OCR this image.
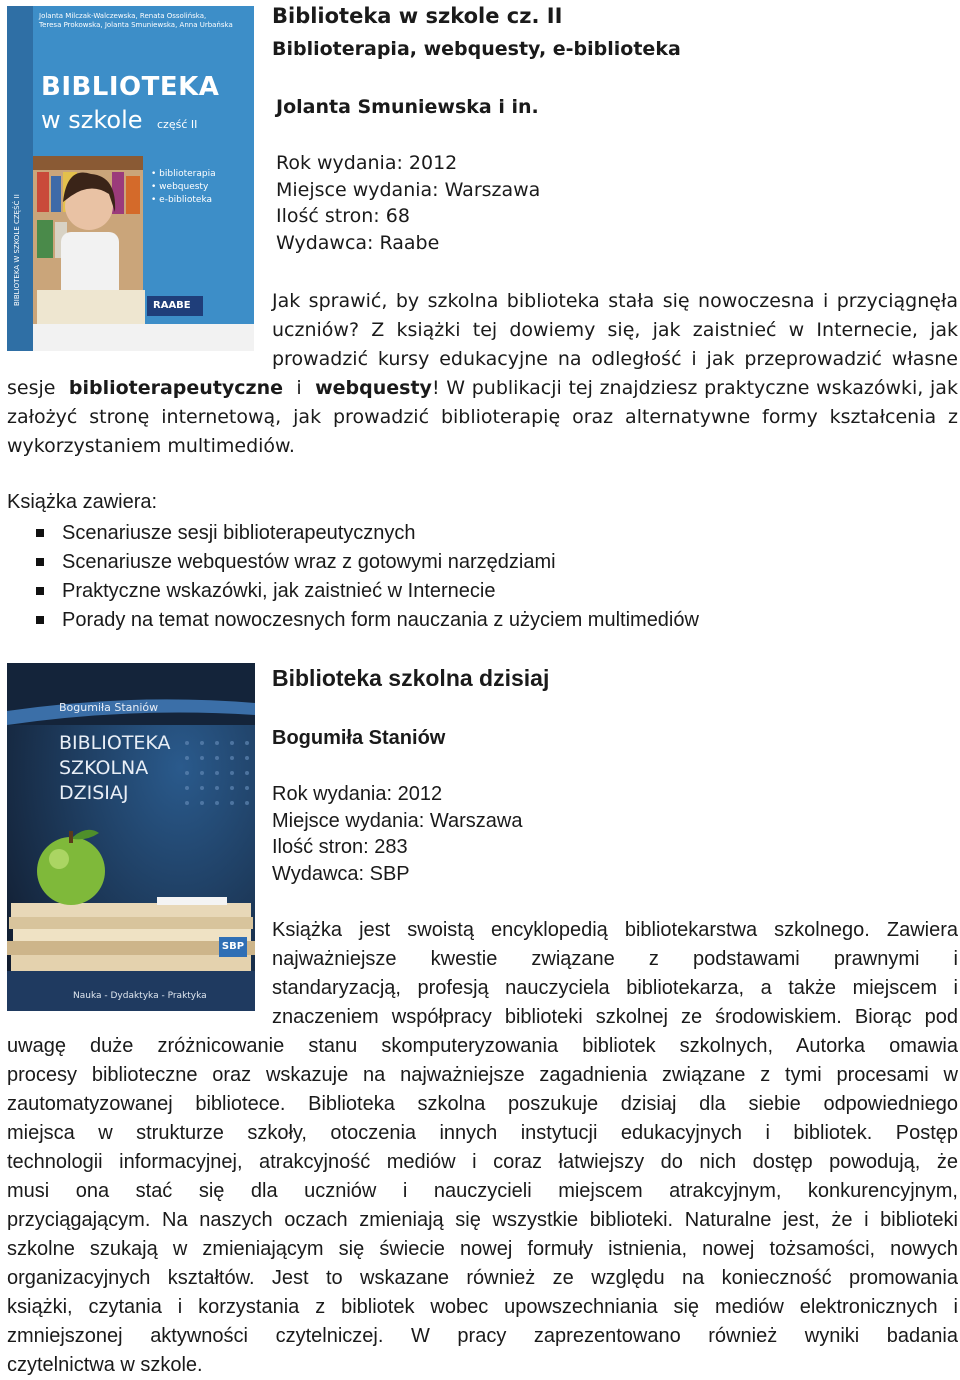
Jolanta Milczak-Walczewska, Renata Ossolińska,
Teresa Prokowska, Jolanta Smuniewska, Anna Urbańska
BIBLIOTEKA W SZKOLE CZĘŚĆ II
BIBLIOTEKA
w szkole część II
• biblioterapia
• webquesty
• e-biblioteka
RAABE
Biblioteka w szkole cz. II
Biblioterapia, webquesty, e-biblioteka
Jolanta Smuniewska i in.
Rok wydania: 2012
Miejsce wydania: Warszawa
Ilość stron: 68
Wydawca: Raabe
Jak sprawić, by szkolna biblioteka stała się nowoczesna i przyciągnęła
uczniów? Z książki tej dowiemy się, jak zaistnieć w Internecie, jak
prowadzić kursy edukacyjne na odległość i jak przeprowadzić własne
sesje biblioterapeutyczne i webquesty! W publikacji tej znajdziesz praktyczne wskazówki, jak
założyć stronę internetową, jak prowadzić biblioterapię oraz alternatywne formy kształcenia z
wykorzystaniem multimediów.
Książka zawiera:
Scenariusze sesji biblioterapeutycznych
Scenariusze webquestów wraz z gotowymi narzędziami
Praktyczne wskazówki, jak zaistnieć w Internecie
Porady na temat nowoczesnych form nauczania z użyciem multimediów
Bogumiła Staniów
BIBLIOTEKA
SZKOLNA
DZISIAJ
SBP
Nauka - Dydaktyka - Praktyka
Biblioteka szkolna dzisiaj
Bogumiła Staniów
Rok wydania: 2012
Miejsce wydania: Warszawa
Ilość stron: 283
Wydawca: SBP
Książka jest swoistą encyklopedią bibliotekarstwa szkolnego. Zawiera
najważniejsze kwestie związane z podstawami prawnymi i
standaryzacją, profesją nauczyciela bibliotekarza, a także miejscem i
znaczeniem współpracy biblioteki szkolnej ze środowiskiem. Biorąc pod
uwagę duże zróżnicowanie stanu skomputeryzowania bibliotek szkolnych, Autorka omawia
procesy biblioteczne oraz wskazuje na najważniejsze zagadnienia związane z tymi procesami w
zautomatyzowanej bibliotece. Biblioteka szkolna poszukuje dzisiaj dla siebie odpowiedniego
miejsca w strukturze szkoły, otoczenia innych instytucji edukacyjnych i bibliotek. Postęp
technologii informacyjnej, atrakcyjność mediów i coraz łatwiejszy do nich dostęp powodują, że
musi ona stać się dla uczniów i nauczycieli miejscem atrakcyjnym, konkurencyjnym,
przyciągającym. Na naszych oczach zmieniają się wszystkie biblioteki. Naturalne jest, że i biblioteki
szkolne szukają w zmieniającym się świecie nowej formuły istnienia, nowej tożsamości, nowych
organizacyjnych kształtów. Jest to wskazane również ze względu na konieczność promowania
książki, czytania i korzystania z bibliotek wobec upowszechniania się mediów elektronicznych i
zmniejszonej aktywności czytelniczej. W pracy zaprezentowano również wyniki badania
czytelnictwa w szkole.
